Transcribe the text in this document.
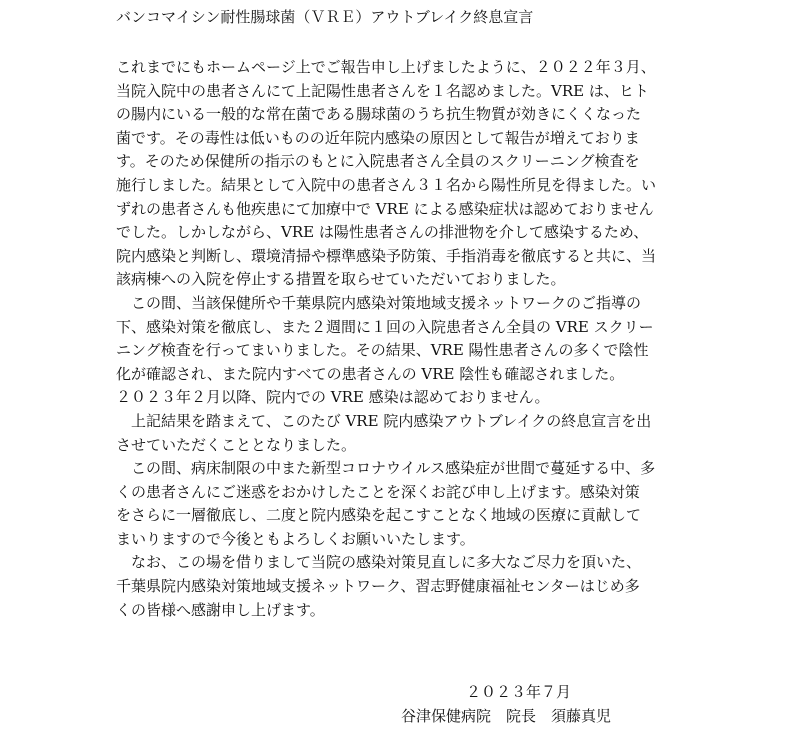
バンコマイシン耐性腸球菌（ＶＲＥ）アウトブレイク終息宣言
これまでにもホームページ上でご報告申し上げましたように、２０２２年３月、
当院入院中の患者さんにて上記陽性患者さんを１名認めました。VRE は、ヒト
の腸内にいる一般的な常在菌である腸球菌のうち抗生物質が効きにくくなった
菌です。その毒性は低いものの近年院内感染の原因として報告が増えておりま
す。そのため保健所の指示のもとに入院患者さん全員のスクリーニング検査を
施行しました。結果として入院中の患者さん３１名から陽性所見を得ました。い
ずれの患者さんも他疾患にて加療中で VRE による感染症状は認めておりません
でした。しかしながら、VRE は陽性患者さんの排泄物を介して感染するため、
院内感染と判断し、環境清掃や標準感染予防策、手指消毒を徹底すると共に、当
該病棟への入院を停止する措置を取らせていただいておりました。
　この間、当該保健所や千葉県院内感染対策地域支援ネットワークのご指導の
下、感染対策を徹底し、また２週間に１回の入院患者さん全員の VRE スクリー
ニング検査を行ってまいりました。その結果、VRE 陽性患者さんの多くで陰性
化が確認され、また院内すべての患者さんの VRE 陰性も確認されました。
２０２３年２月以降、院内での VRE 感染は認めておりません。
　上記結果を踏まえて、このたび VRE 院内感染アウトブレイクの終息宣言を出
させていただくこととなりました。
　この間、病床制限の中また新型コロナウイルス感染症が世間で蔓延する中、多
くの患者さんにご迷惑をおかけしたことを深くお詫び申し上げます。感染対策
をさらに一層徹底し、二度と院内感染を起こすことなく地域の医療に貢献して
まいりますので今後ともよろしくお願いいたします。
　なお、この場を借りまして当院の感染対策見直しに多大なご尽力を頂いた、
千葉県院内感染対策地域支援ネットワーク、習志野健康福祉センターはじめ多
くの皆様へ感謝申し上げます。
２０２３年７月
谷津保健病院　院長　須藤真児
